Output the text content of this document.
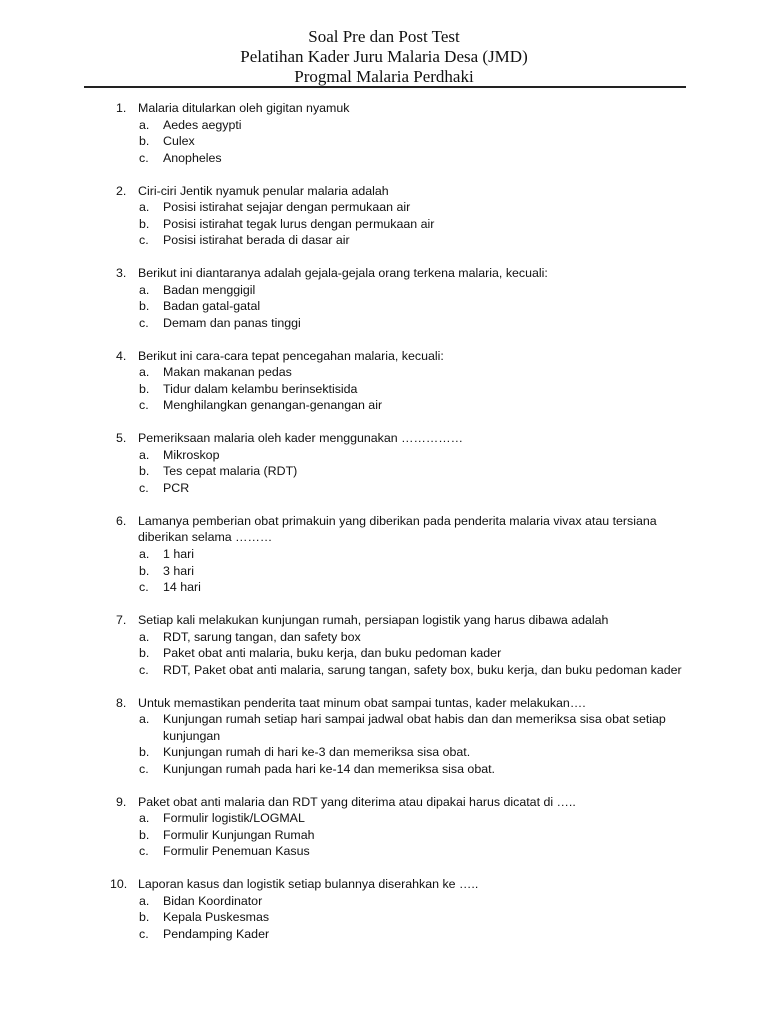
Soal Pre dan Post Test
Pelatihan Kader Juru Malaria Desa (JMD)
Progmal Malaria Perdhaki
1. Malaria ditularkan oleh gigitan nyamuk
a. Aedes aegypti
b. Culex
c. Anopheles
2. Ciri-ciri Jentik nyamuk penular malaria adalah
a. Posisi istirahat sejajar dengan permukaan air
b. Posisi istirahat tegak lurus dengan permukaan air
c. Posisi istirahat berada di dasar air
3. Berikut ini diantaranya adalah gejala-gejala orang terkena malaria, kecuali:
a. Badan menggigil
b. Badan gatal-gatal
c. Demam dan panas tinggi
4. Berikut ini cara-cara tepat pencegahan malaria, kecuali:
a. Makan makanan pedas
b. Tidur dalam kelambu berinsektisida
c. Menghilangkan genangan-genangan air
5. Pemeriksaan malaria oleh kader menggunakan ……………
a. Mikroskop
b. Tes cepat malaria (RDT)
c. PCR
6. Lamanya pemberian obat primakuin yang diberikan pada penderita malaria vivax atau tersiana diberikan selama ………
a. 1 hari
b. 3 hari
c. 14 hari
7. Setiap kali melakukan kunjungan rumah, persiapan logistik yang harus dibawa adalah
a. RDT, sarung tangan, dan safety box
b. Paket obat anti malaria, buku kerja, dan buku pedoman kader
c. RDT, Paket obat anti malaria, sarung tangan, safety box, buku kerja, dan buku pedoman kader
8. Untuk memastikan penderita taat minum obat sampai tuntas, kader melakukan….
a. Kunjungan rumah setiap hari sampai jadwal obat habis dan dan memeriksa sisa obat setiap kunjungan
b. Kunjungan rumah di hari ke-3 dan memeriksa sisa obat.
c. Kunjungan rumah pada hari ke-14 dan memeriksa sisa obat.
9. Paket obat anti malaria dan RDT yang diterima atau dipakai harus dicatat di …..
a. Formulir logistik/LOGMAL
b. Formulir Kunjungan Rumah
c. Formulir Penemuan Kasus
10. Laporan kasus dan logistik setiap bulannya diserahkan ke …..
a. Bidan Koordinator
b. Kepala Puskesmas
c. Pendamping Kader
